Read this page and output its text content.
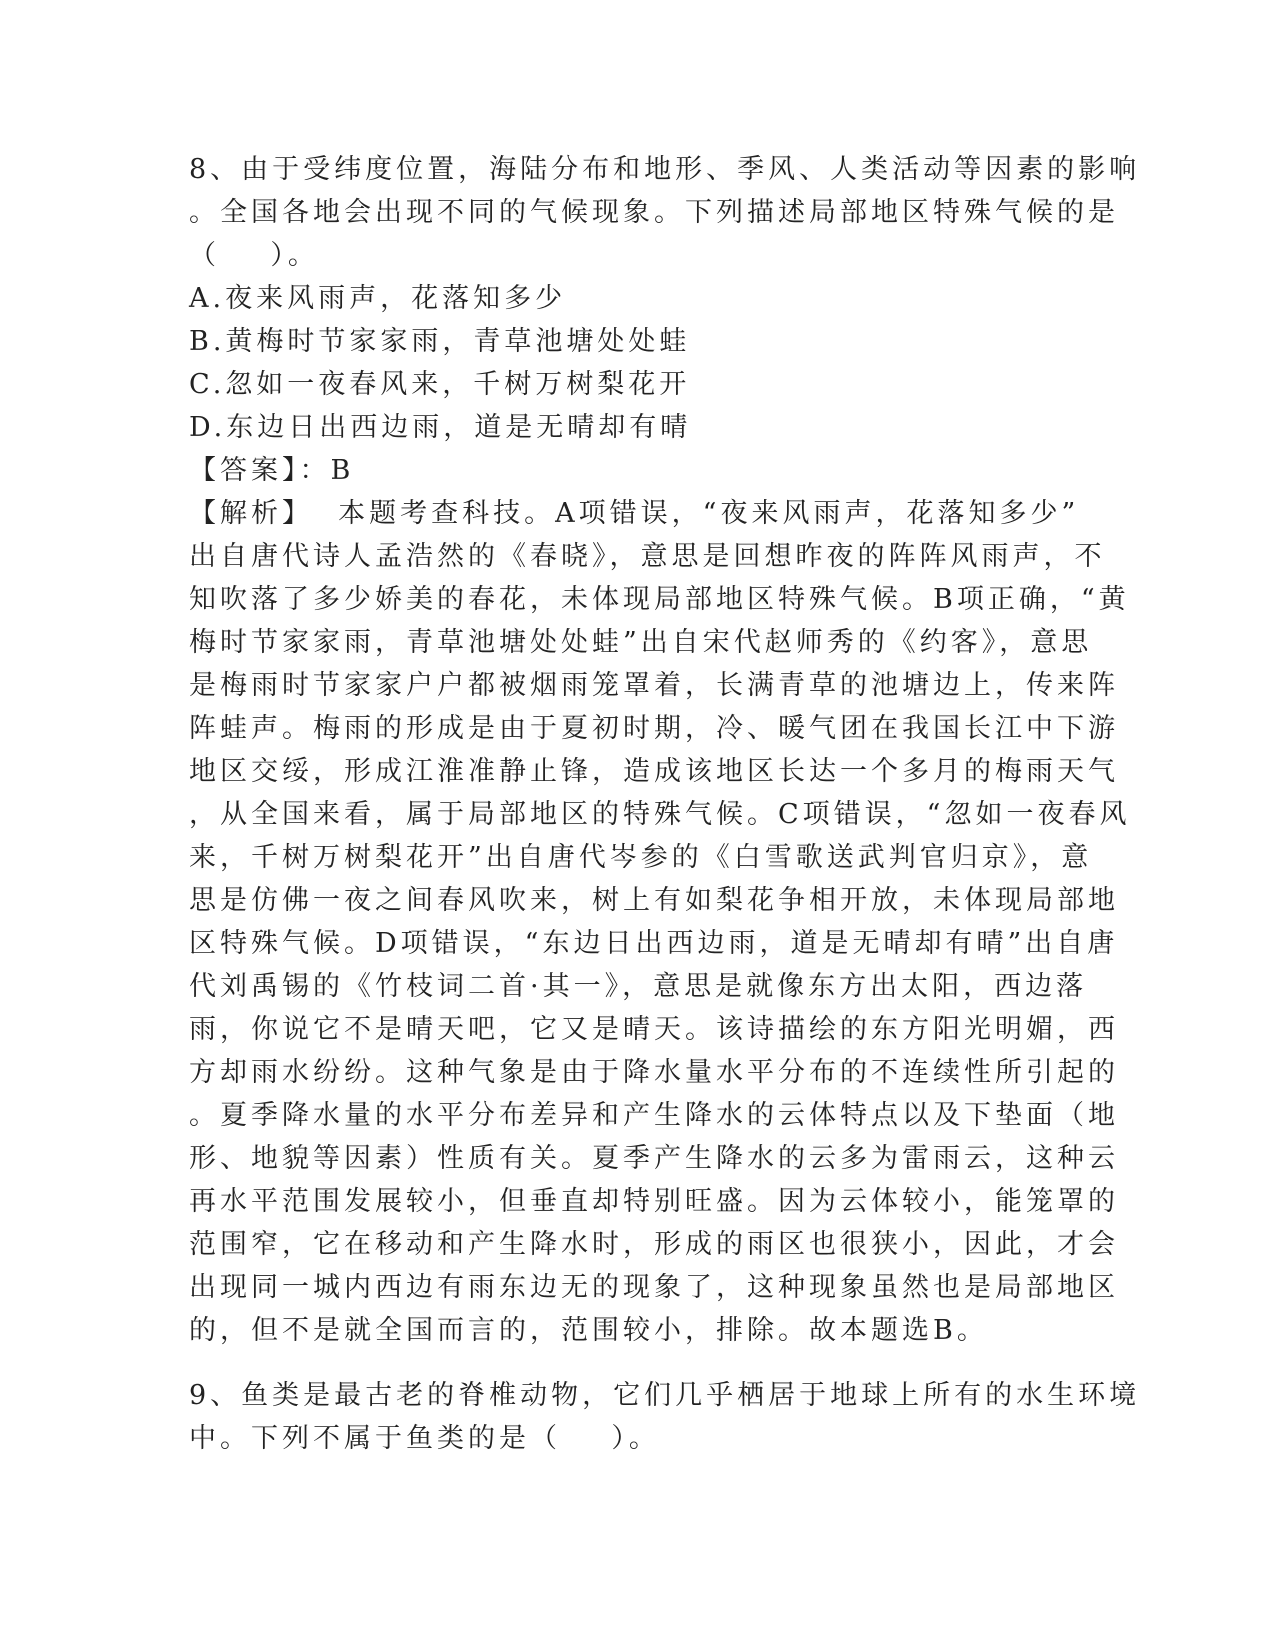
8、由于受纬度位置，海陆分布和地形、季风、人类活动等因素的影响
。全国各地会出现不同的气候现象。下列描述局部地区特殊气候的是
（    ）。
A.夜来风雨声，花落知多少
B.黄梅时节家家雨，青草池塘处处蛙
C.忽如一夜春风来，千树万树梨花开
D.东边日出西边雨，道是无晴却有晴
【答案】：B
【解析】  本题考查科技。A项错误，“夜来风雨声，花落知多少”
出自唐代诗人孟浩然的《春晓》，意思是回想昨夜的阵阵风雨声，不
知吹落了多少娇美的春花，未体现局部地区特殊气候。B项正确，“黄
梅时节家家雨，青草池塘处处蛙”出自宋代赵师秀的《约客》，意思
是梅雨时节家家户户都被烟雨笼罩着，长满青草的池塘边上，传来阵
阵蛙声。梅雨的形成是由于夏初时期，冷、暖气团在我国长江中下游
地区交绥，形成江淮准静止锋，造成该地区长达一个多月的梅雨天气
，从全国来看，属于局部地区的特殊气候。C项错误，“忽如一夜春风
来，千树万树梨花开”出自唐代岑参的《白雪歌送武判官归京》，意
思是仿佛一夜之间春风吹来，树上有如梨花争相开放，未体现局部地
区特殊气候。D项错误，“东边日出西边雨，道是无晴却有晴”出自唐
代刘禹锡的《竹枝词二首·其一》，意思是就像东方出太阳，西边落
雨，你说它不是晴天吧，它又是晴天。该诗描绘的东方阳光明媚，西
方却雨水纷纷。这种气象是由于降水量水平分布的不连续性所引起的
。夏季降水量的水平分布差异和产生降水的云体特点以及下垫面（地
形、地貌等因素）性质有关。夏季产生降水的云多为雷雨云，这种云
再水平范围发展较小，但垂直却特别旺盛。因为云体较小，能笼罩的
范围窄，它在移动和产生降水时，形成的雨区也很狭小，因此，才会
出现同一城内西边有雨东边无的现象了，这种现象虽然也是局部地区
的，但不是就全国而言的，范围较小，排除。故本题选B。
9、鱼类是最古老的脊椎动物，它们几乎栖居于地球上所有的水生环境
中。下列不属于鱼类的是（    ）。
